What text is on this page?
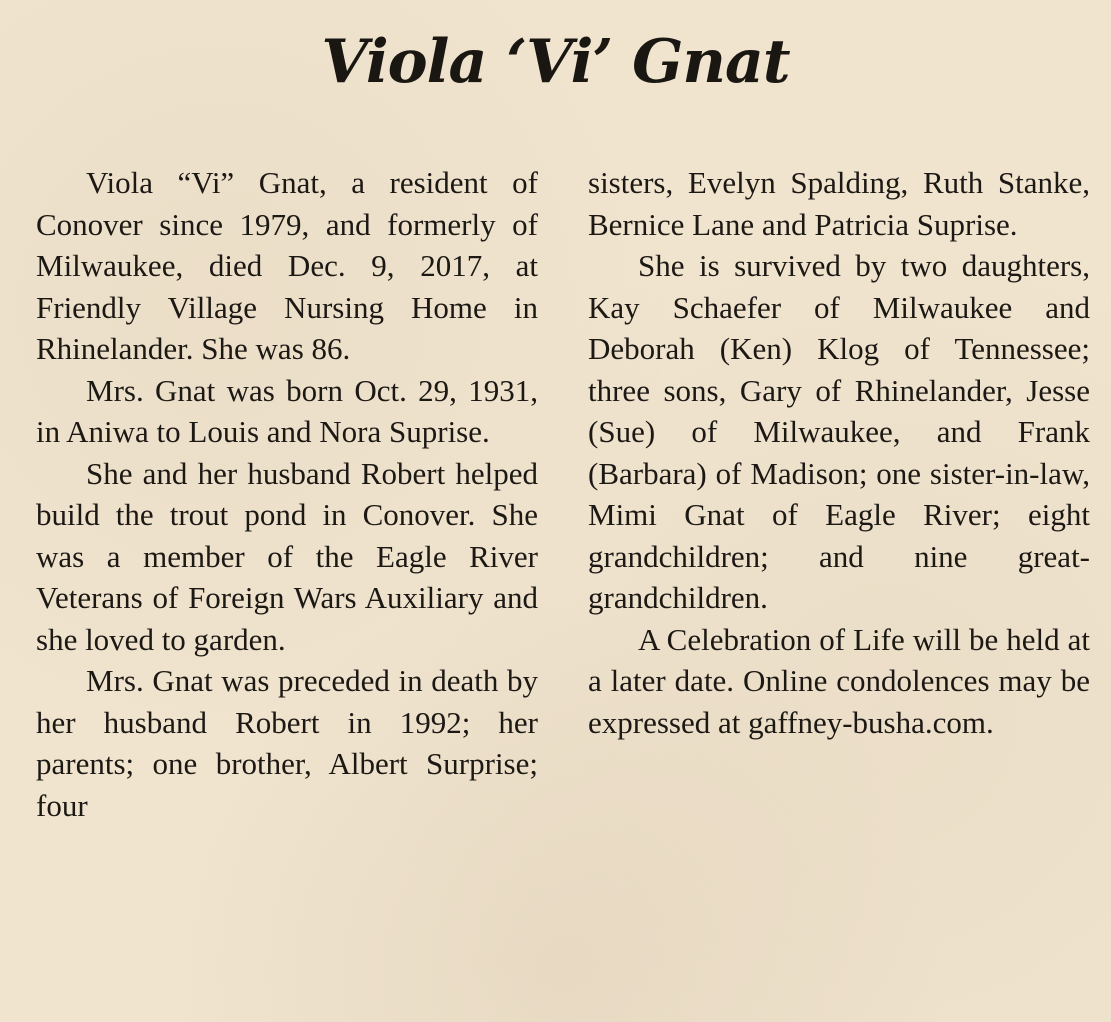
Viola ‘Vi’ Gnat

Viola “Vi” Gnat, a resident of Conover since 1979, and formerly of Milwaukee, died Dec. 9, 2017, at Friendly Village Nursing Home in Rhinelander. She was 86.

Mrs. Gnat was born Oct. 29, 1931, in Aniwa to Louis and Nora Suprise.

She and her husband Robert helped build the trout pond in Conover. She was a member of the Eagle River Veterans of Foreign Wars Auxiliary and she loved to garden.

Mrs. Gnat was preceded in death by her husband Robert in 1992; her parents; one brother, Albert Surprise; four

sisters, Evelyn Spalding, Ruth Stanke, Bernice Lane and Patricia Suprise.

She is survived by two daughters, Kay Schaefer of Milwaukee and Deborah (Ken) Klog of Tennessee; three sons, Gary of Rhinelander, Jesse (Sue) of Milwaukee, and Frank (Barbara) of Madison; one sister-in-law, Mimi Gnat of Eagle River; eight grandchildren; and nine great-grandchildren.

A Celebration of Life will be held at a later date. Online condolences may be expressed at gaffney-busha.com.
